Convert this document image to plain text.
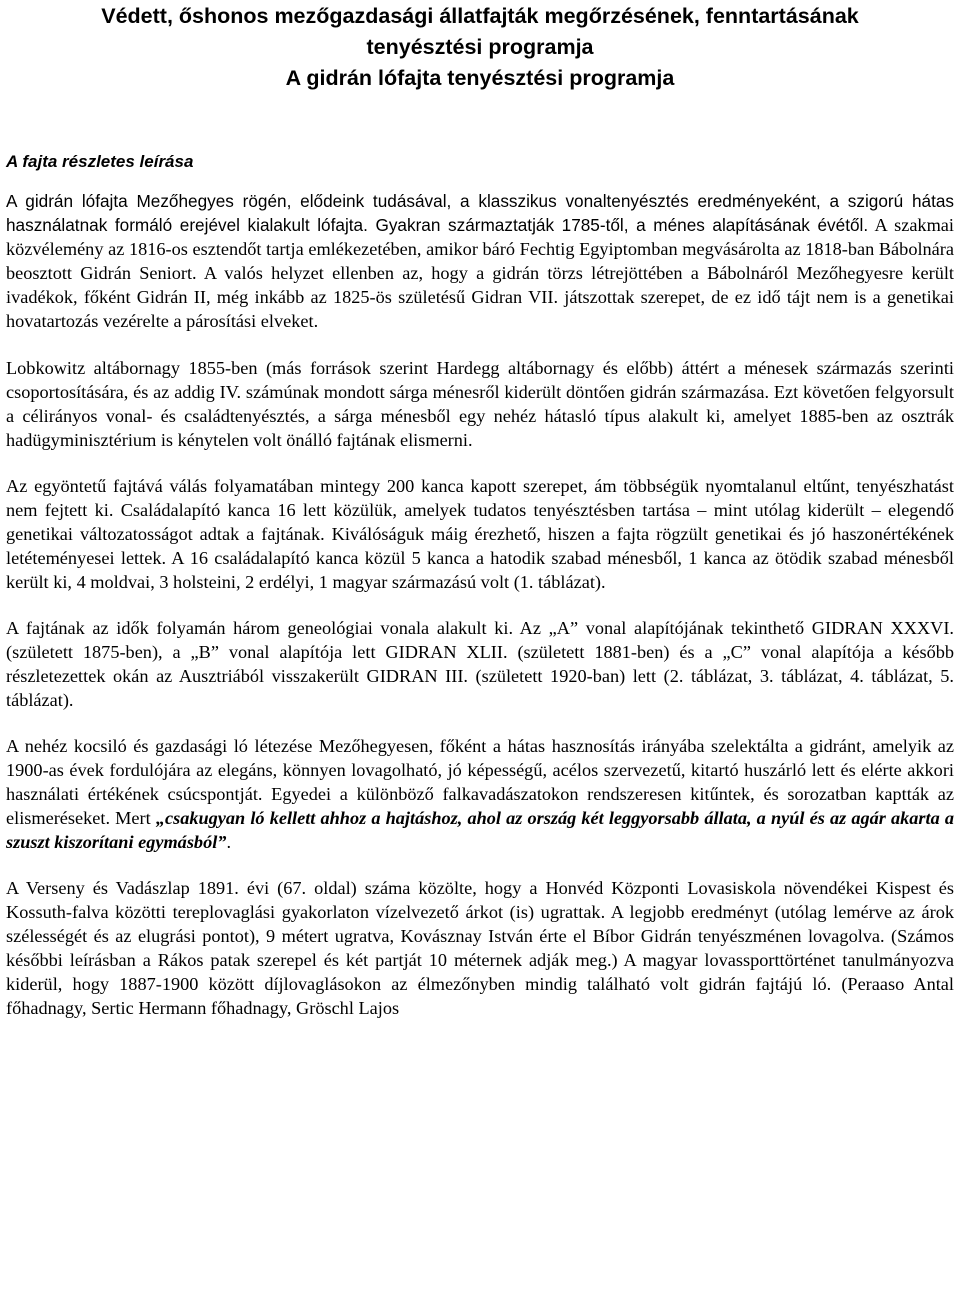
Védett, őshonos mezőgazdasági állatfajták megőrzésének, fenntartásának
tenyésztési programja
A gidrán lófajta tenyésztési programja
A fajta részletes leírása

A gidrán lófajta Mezőhegyes rögén, elődeink tudásával, a klasszikus vonaltenyésztés eredményeként, a szigorú hátas használatnak formáló erejével kialakult lófajta. Gyakran származtatják 1785-től, a ménes alapításának évétől. A szakmai közvélemény az 1816-os esztendőt tartja emlékezetében, amikor báró Fechtig Egyiptomban megvásárolta az 1818-ban Bábolnára beosztott Gidrán Seniort. A valós helyzet ellenben az, hogy a gidrán törzs létrejöttében a Bábolnáról Mezőhegyesre került ivadékok, főként Gidrán II, még inkább az 1825-ös születésű Gidran VII. játszottak szerepet, de ez idő tájt nem is a genetikai hovatartozás vezérelte a párosítási elveket.

Lobkowitz altábornagy 1855-ben (más források szerint Hardegg altábornagy és előbb) áttért a ménesek származás szerinti csoportosítására, és az addig IV. számúnak mondott sárga ménesről kiderült döntően gidrán származása. Ezt követően felgyorsult a célirányos vonal- és családtenyésztés, a sárga ménesből egy nehéz hátasló típus alakult ki, amelyet 1885-ben az osztrák hadügyminisztérium is kénytelen volt önálló fajtának elismerni.

Az egyöntetű fajtává válás folyamatában mintegy 200 kanca kapott szerepet, ám többségük nyomtalanul eltűnt, tenyészhatást nem fejtett ki. Családalapító kanca 16 lett közülük, amelyek tudatos tenyésztésben tartása – mint utólag kiderült – elegendő genetikai változatosságot adtak a fajtának. Kiválóságuk máig érezhető, hiszen a fajta rögzült genetikai és jó haszonértékének letéteményesei lettek. A 16 családalapító kanca közül 5 kanca a hatodik szabad ménesből, 1 kanca az ötödik szabad ménesből került ki, 4 moldvai, 3 holsteini, 2 erdélyi, 1 magyar származású volt (1. táblázat).

A fajtának az idők folyamán három geneológiai vonala alakult ki. Az „A” vonal alapítójának tekinthető GIDRAN XXXVI. (született 1875-ben), a „B” vonal alapítója lett GIDRAN XLII. (született 1881-ben) és a „C” vonal alapítója a később részletezettek okán az Ausztriából visszakerült GIDRAN III. (született 1920-ban) lett (2. táblázat, 3. táblázat, 4. táblázat, 5. táblázat).

A nehéz kocsiló és gazdasági ló létezése Mezőhegyesen, főként a hátas hasznosítás irányába szelektálta a gidránt, amelyik az 1900-as évek fordulójára az elegáns, könnyen lovagolható, jó képességű, acélos szervezetű, kitartó huszárló lett és elérte akkori használati értékének csúcspontját. Egyedei a különböző falkavadászatokon rendszeresen kitűntek, és sorozatban kaptták az elismeréseket. Mert „csakugyan ló kellett ahhoz a hajtáshoz, ahol az ország két leggyorsabb állata, a nyúl és az agár akarta a szuszt kiszorítani egymásból”.

A Verseny és Vadászlap 1891. évi (67. oldal) száma közölte, hogy a Honvéd Központi Lovasiskola növendékei Kispest és Kossuth-falva közötti tereplovaglási gyakorlaton vízelvezető árkot (is) ugrattak. A legjobb eredményt (utólag lemérve az árok szélességét és az elugrási pontot), 9 métert ugratva, Kovásznay István érte el Bíbor Gidrán tenyészménen lovagolva. (Számos későbbi leírásban a Rákos patak szerepel és két partját 10 méternek adják meg.) A magyar lovassporttörténet tanulmányozva kiderül, hogy 1887-1900 között díjlovaglásokon az élmezőnyben mindig található volt gidrán fajtájú ló. (Peraaso Antal főhadnagy, Sertic Hermann főhadnagy, Gröschl Lajos
